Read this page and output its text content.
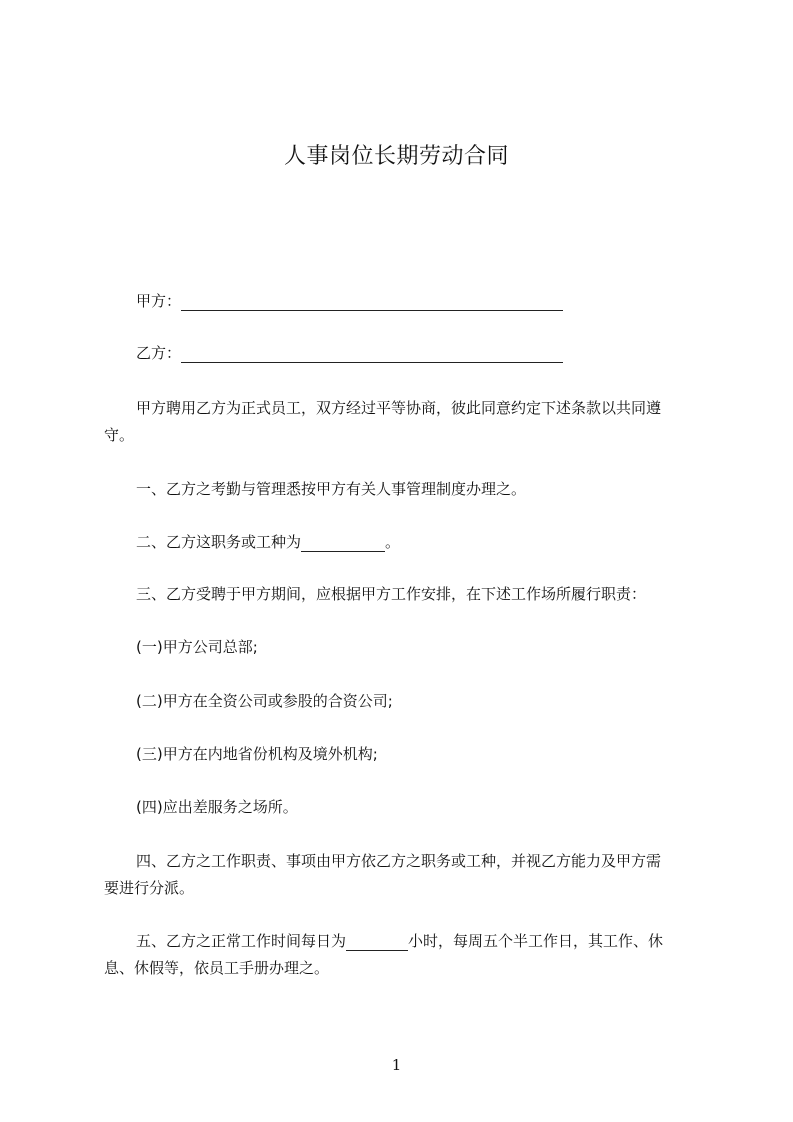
人事岗位长期劳动合同

甲方：

乙方：

甲方聘用乙方为正式员工，双方经过平等协商，彼此同意约定下述条款以共同遵

守。

一、乙方之考勤与管理悉按甲方有关人事管理制度办理之。

二、乙方这职务或工种为	。

三、乙方受聘于甲方期间，应根据甲方工作安排，在下述工作场所履行职责：

(一)甲方公司总部;

(二)甲方在全资公司或参股的合资公司;

(三)甲方在内地省份机构及境外机构;

(四)应出差服务之场所。

四、乙方之工作职责、事项由甲方依乙方之职务或工种，并视乙方能力及甲方需

要进行分派。

五、乙方之正常工作时间每日为	小时，每周五个半工作日，其工作、休

息、休假等，依员工手册办理之。

1
